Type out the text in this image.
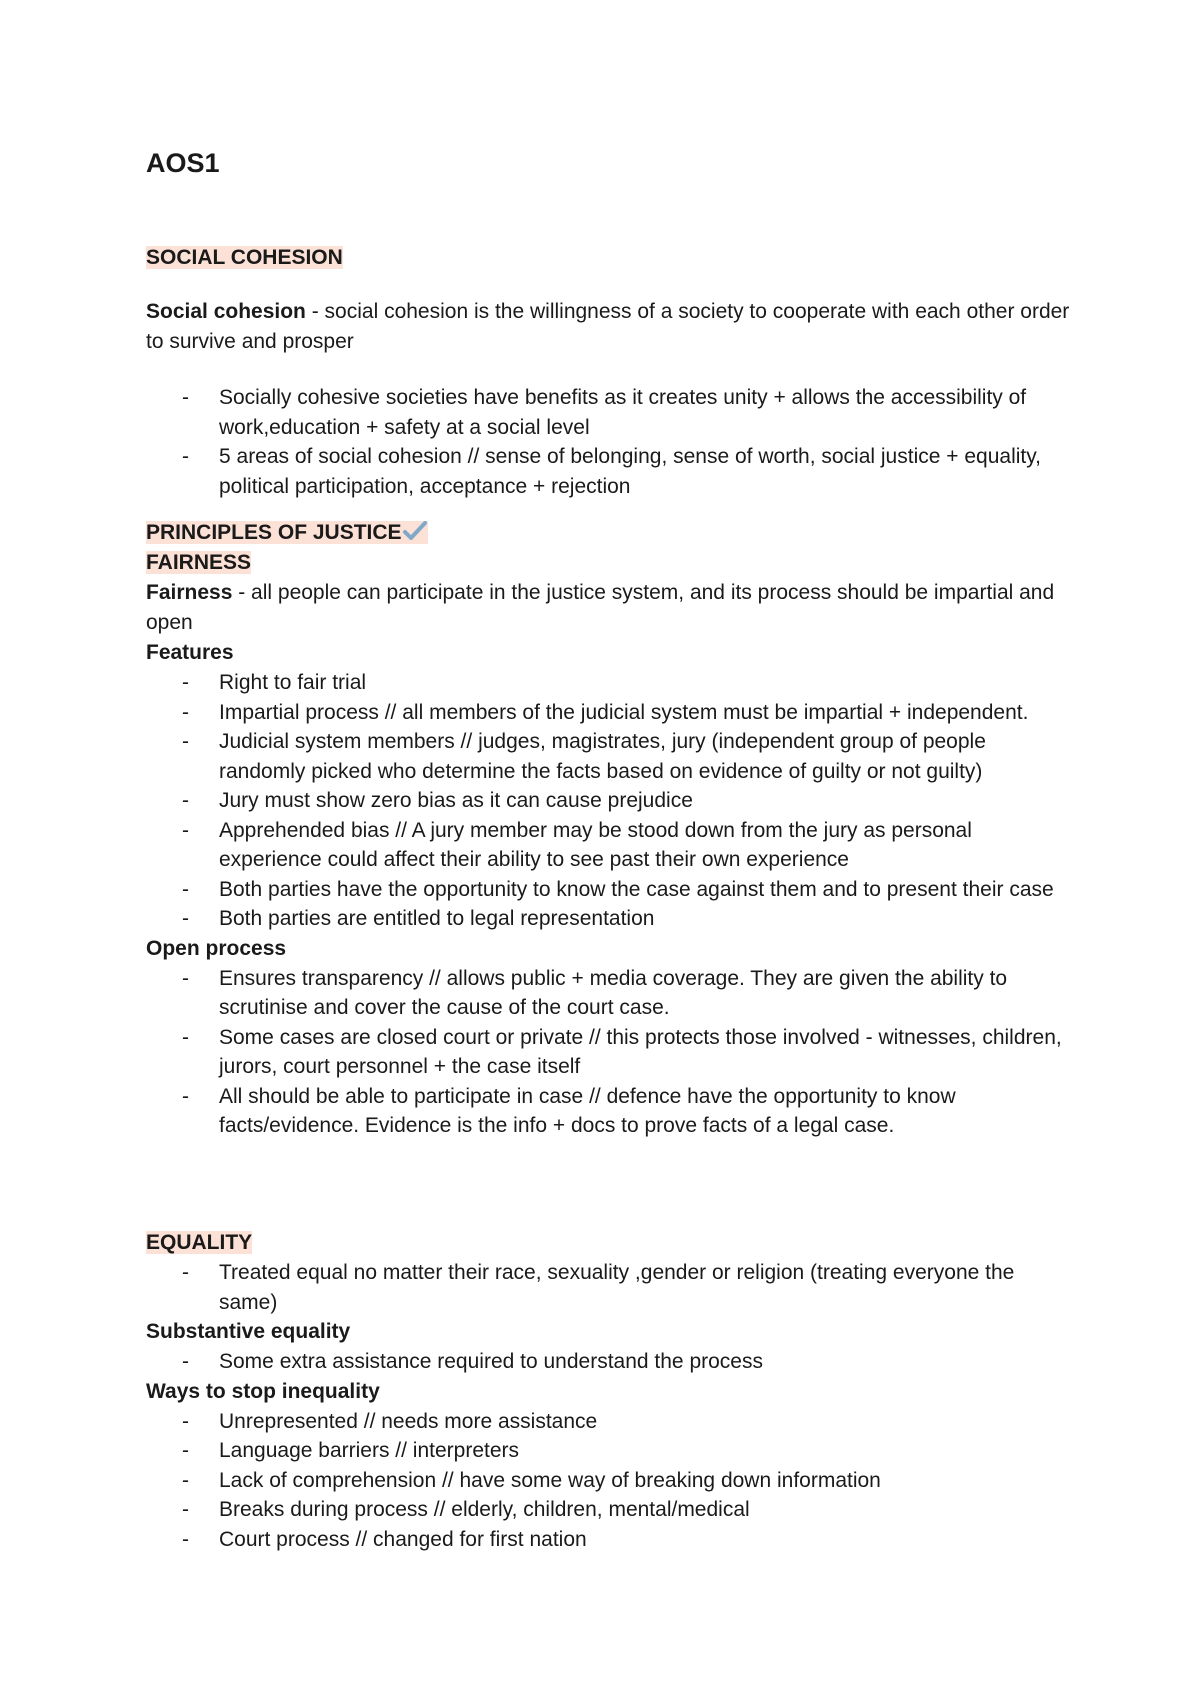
AOS1

SOCIAL COHESION

Social cohesion - social cohesion is the willingness of a society to cooperate with each other order to survive and prosper

- Socially cohesive societies have benefits as it creates unity + allows the accessibility of work,education + safety at a social level
- 5 areas of social cohesion // sense of belonging, sense of worth, social justice + equality, political participation, acceptance + rejection

PRINCIPLES OF JUSTICE

FAIRNESS

Fairness - all people can participate in the justice system, and its process should be impartial and open

Features

- Right to fair trial
- Impartial process // all members of the judicial system must be impartial + independent.
- Judicial system members // judges, magistrates, jury (independent group of people randomly picked who determine the facts based on evidence of guilty or not guilty)
- Jury must show zero bias as it can cause prejudice
- Apprehended bias // A jury member may be stood down from the jury as personal experience could affect their ability to see past their own experience
- Both parties have the opportunity to know the case against them and to present their case
- Both parties are entitled to legal representation

Open process

- Ensures transparency // allows public + media coverage. They are given the ability to scrutinise and cover the cause of the court case.
- Some cases are closed court or private // this protects those involved - witnesses, children, jurors, court personnel + the case itself
- All should be able to participate in case // defence have the opportunity to know facts/evidence. Evidence is the info + docs to prove facts of a legal case.

EQUALITY

- Treated equal no matter their race, sexuality ,gender or religion (treating everyone the same)

Substantive equality

- Some extra assistance required to understand the process

Ways to stop inequality

- Unrepresented // needs more assistance
- Language barriers // interpreters
- Lack of comprehension // have some way of breaking down information
- Breaks during process // elderly, children, mental/medical
- Court process // changed for first nation
